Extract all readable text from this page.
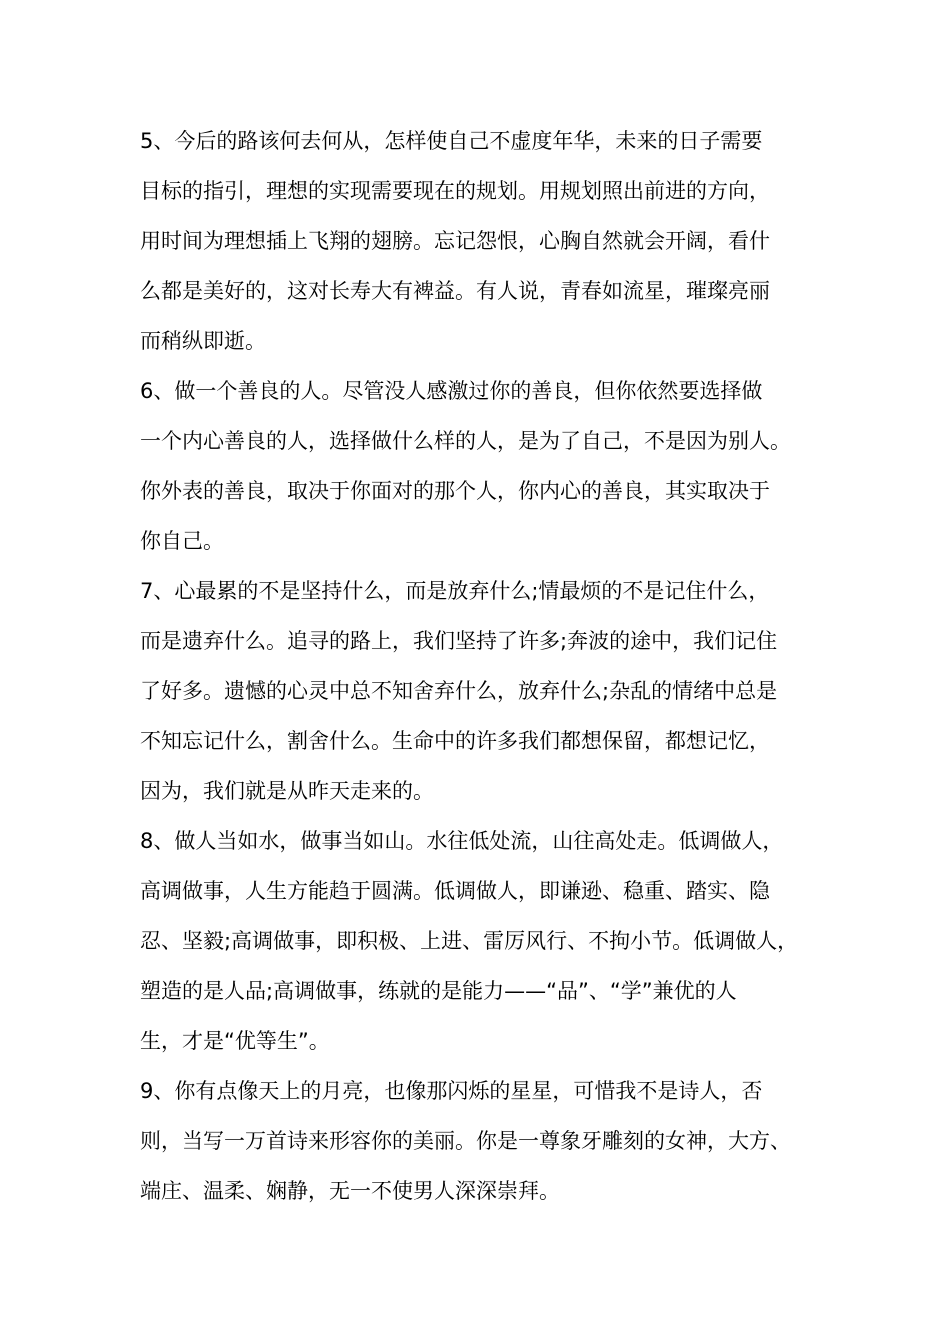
5、今后的路该何去何从，怎样使自己不虚度年华，未来的日子需要
目标的指引，理想的实现需要现在的规划。用规划照出前进的方向，
用时间为理想插上飞翔的翅膀。忘记怨恨，心胸自然就会开阔，看什
么都是美好的，这对长寿大有裨益。有人说，青春如流星，璀璨亮丽
而稍纵即逝。
6、做一个善良的人。尽管没人感激过你的善良，但你依然要选择做
一个内心善良的人，选择做什么样的人，是为了自己，不是因为别人。
你外表的善良，取决于你面对的那个人，你内心的善良，其实取决于
你自己。
7、心最累的不是坚持什么，而是放弃什么;情最烦的不是记住什么，
而是遗弃什么。追寻的路上，我们坚持了许多;奔波的途中，我们记住
了好多。遗憾的心灵中总不知舍弃什么，放弃什么;杂乱的情绪中总是
不知忘记什么，割舍什么。生命中的许多我们都想保留，都想记忆，
因为，我们就是从昨天走来的。
8、做人当如水，做事当如山。水往低处流，山往高处走。低调做人，
高调做事，人生方能趋于圆满。低调做人，即谦逊、稳重、踏实、隐
忍、坚毅;高调做事，即积极、上进、雷厉风行、不拘小节。低调做人，
塑造的是人品;高调做事，练就的是能力——“品”、“学”兼优的人
生，才是“优等生”。
9、你有点像天上的月亮，也像那闪烁的星星，可惜我不是诗人，否
则，当写一万首诗来形容你的美丽。你是一尊象牙雕刻的女神，大方、
端庄、温柔、娴静，无一不使男人深深崇拜。
